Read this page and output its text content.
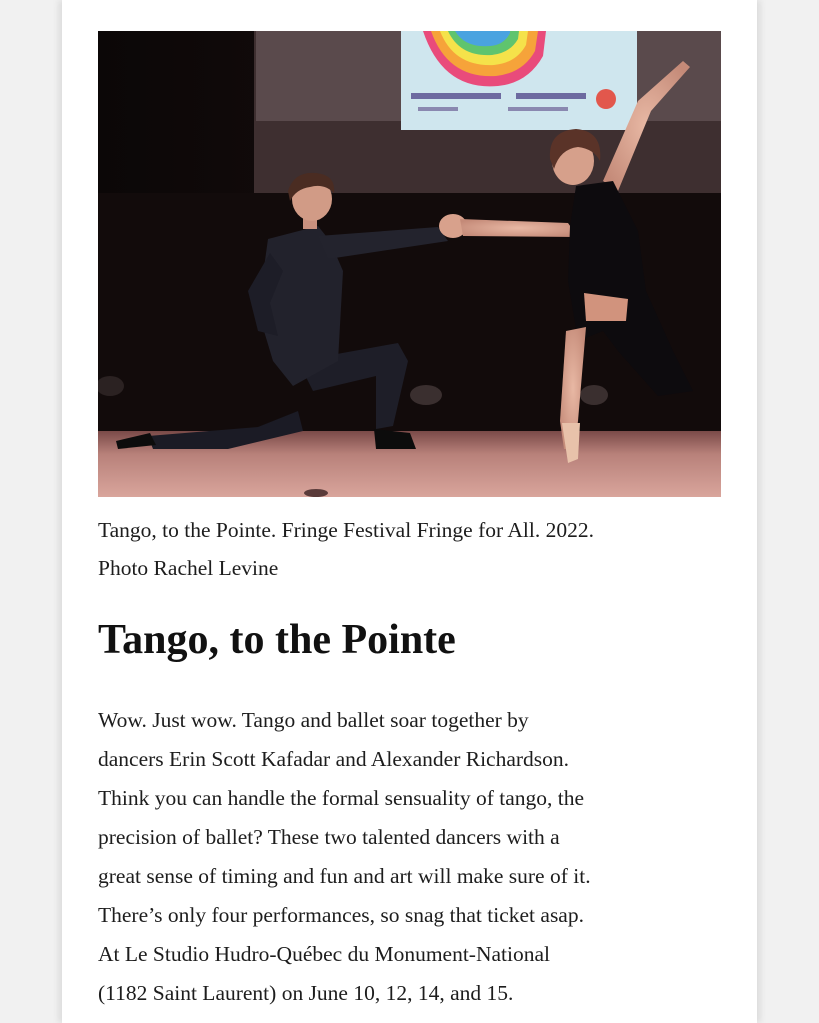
Tango, to the Pointe. Fringe Festival Fringe for All. 2022.
Photo Rachel Levine

Tango, to the Pointe

Wow. Just wow. Tango and ballet soar together by
dancers Erin Scott Kafadar and Alexander Richardson.
Think you can handle the formal sensuality of tango, the
precision of ballet? These two talented dancers with a
great sense of timing and fun and art will make sure of it.
There’s only four performances, so snag that ticket asap.
At Le Studio Hudro-Québec du Monument-National
(1182 Saint Laurent) on June 10, 12, 14, and 15.
